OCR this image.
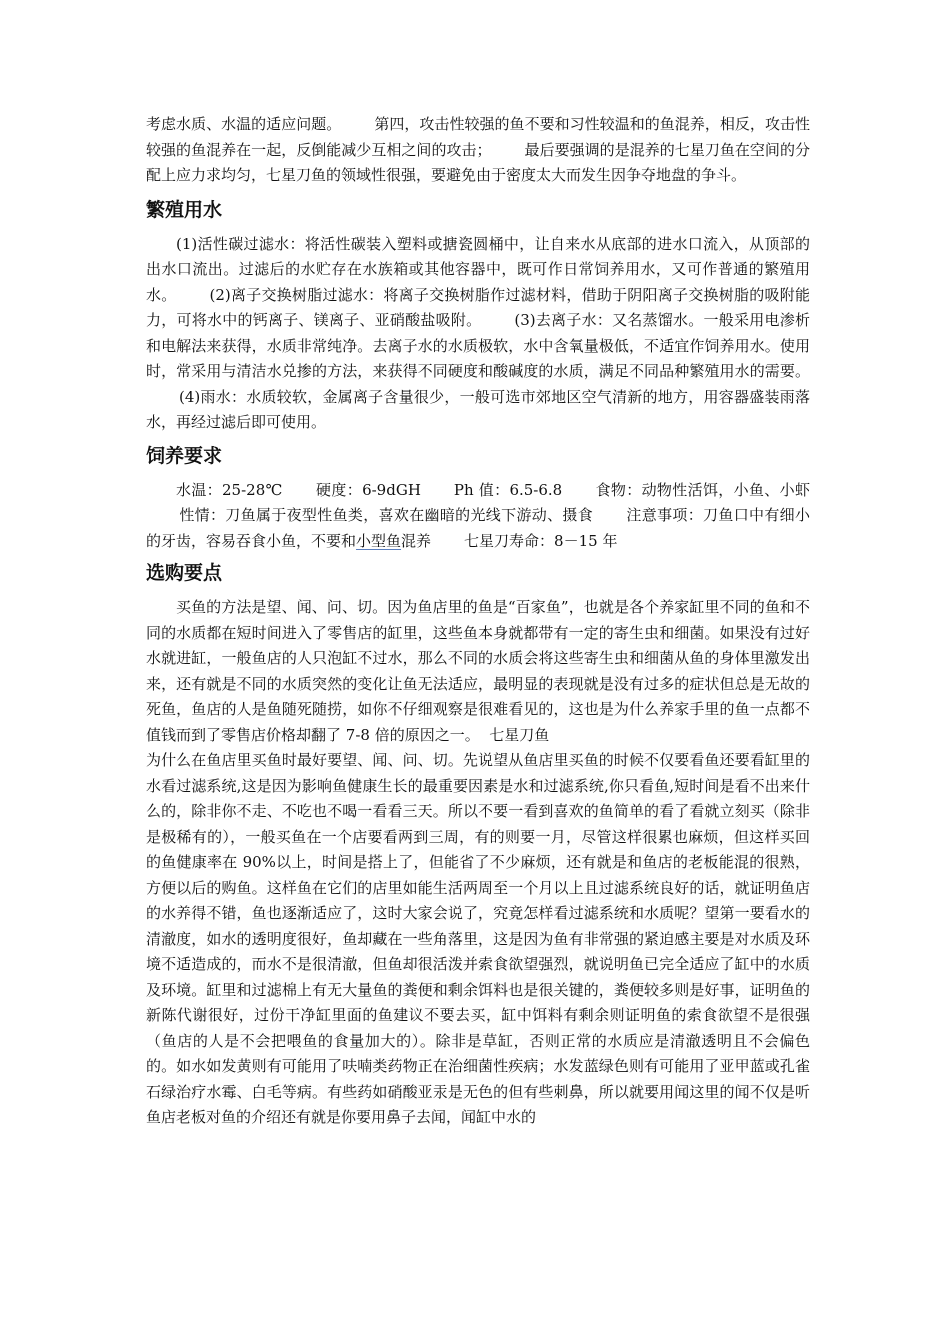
考虑水质、水温的适应问题。 第四，攻击性较强的鱼不要和习性较温和的鱼混养，相反，攻击性较强的鱼混养在一起，反倒能减少互相之间的攻击； 最后要强调的是混养的七星刀鱼在空间的分配上应力求均匀，七星刀鱼的领域性很强，要避免由于密度太大而发生因争夺地盘的争斗。

繁殖用水

(1)活性碳过滤水：将活性碳装入塑料或搪瓷圆桶中，让自来水从底部的进水口流入，从顶部的出水口流出。过滤后的水贮存在水族箱或其他容器中，既可作日常饲养用水，又可作普通的繁殖用水。 (2)离子交换树脂过滤水：将离子交换树脂作过滤材料，借助于阴阳离子交换树脂的吸附能力，可将水中的钙离子、镁离子、亚硝酸盐吸附。 (3)去离子水：又名蒸馏水。一般采用电渗析和电解法来获得，水质非常纯净。去离子水的水质极软，水中含氧量极低，不适宜作饲养用水。使用时，常采用与清洁水兑掺的方法，来获得不同硬度和酸碱度的水质，满足不同品种繁殖用水的需要。(4)雨水：水质较软，金属离子含量很少，一般可选市郊地区空气清新的地方，用容器盛装雨落水，再经过滤后即可使用。

饲养要求

水温：25-28℃ 硬度：6-9dGH Ph 值：6.5-6.8 食物：动物性活饵，小鱼、小虾性情：刀鱼属于夜型性鱼类，喜欢在幽暗的光线下游动、摄食 注意事项：刀鱼口中有细小的牙齿，容易吞食小鱼，不要和小型鱼混养 七星刀寿命：8－15 年

选购要点

买鱼的方法是望、闻、问、切。因为鱼店里的鱼是“百家鱼”，也就是各个养家缸里不同的鱼和不同的水质都在短时间进入了零售店的缸里，这些鱼本身就都带有一定的寄生虫和细菌。如果没有过好水就进缸，一般鱼店的人只泡缸不过水，那么不同的水质会将这些寄生虫和细菌从鱼的身体里激发出来，还有就是不同的水质突然的变化让鱼无法适应，最明显的表现就是没有过多的症状但总是无故的死鱼，鱼店的人是鱼随死随捞，如你不仔细观察是很难看见的，这也是为什么养家手里的鱼一点都不值钱而到了零售店价格却翻了 7-8 倍的原因之一。 七星刀鱼

为什么在鱼店里买鱼时最好要望、闻、问、切。先说望从鱼店里买鱼的时候不仅要看鱼还要看缸里的水看过滤系统,这是因为影响鱼健康生长的最重要因素是水和过滤系统,你只看鱼,短时间是看不出来什么的，除非你不走、不吃也不喝一看看三天。所以不要一看到喜欢的鱼简单的看了看就立刻买（除非是极稀有的），一般买鱼在一个店要看两到三周，有的则要一月，尽管这样很累也麻烦，但这样买回的鱼健康率在 90%以上，时间是搭上了，但能省了不少麻烦，还有就是和鱼店的老板能混的很熟，方便以后的购鱼。这样鱼在它们的店里如能生活两周至一个月以上且过滤系统良好的话，就证明鱼店的水养得不错，鱼也逐渐适应了，这时大家会说了，究竟怎样看过滤系统和水质呢？望第一要看水的清澈度，如水的透明度很好，鱼却藏在一些角落里，这是因为鱼有非常强的紧迫感主要是对水质及环境不适造成的，而水不是很清澈，但鱼却很活泼并索食欲望强烈，就说明鱼已完全适应了缸中的水质及环境。缸里和过滤棉上有无大量鱼的粪便和剩余饵料也是很关键的，粪便较多则是好事，证明鱼的新陈代谢很好，过份干净缸里面的鱼建议不要去买，缸中饵料有剩余则证明鱼的索食欲望不是很强（鱼店的人是不会把喂鱼的食量加大的）。除非是草缸，否则正常的水质应是清澈透明且不会偏色的。如水如发黄则有可能用了呋喃类药物正在治细菌性疾病；水发蓝绿色则有可能用了亚甲蓝或孔雀石绿治疗水霉、白毛等病。有些药如硝酸亚汞是无色的但有些刺鼻，所以就要用闻这里的闻不仅是听鱼店老板对鱼的介绍还有就是你要用鼻子去闻，闻缸中水的
